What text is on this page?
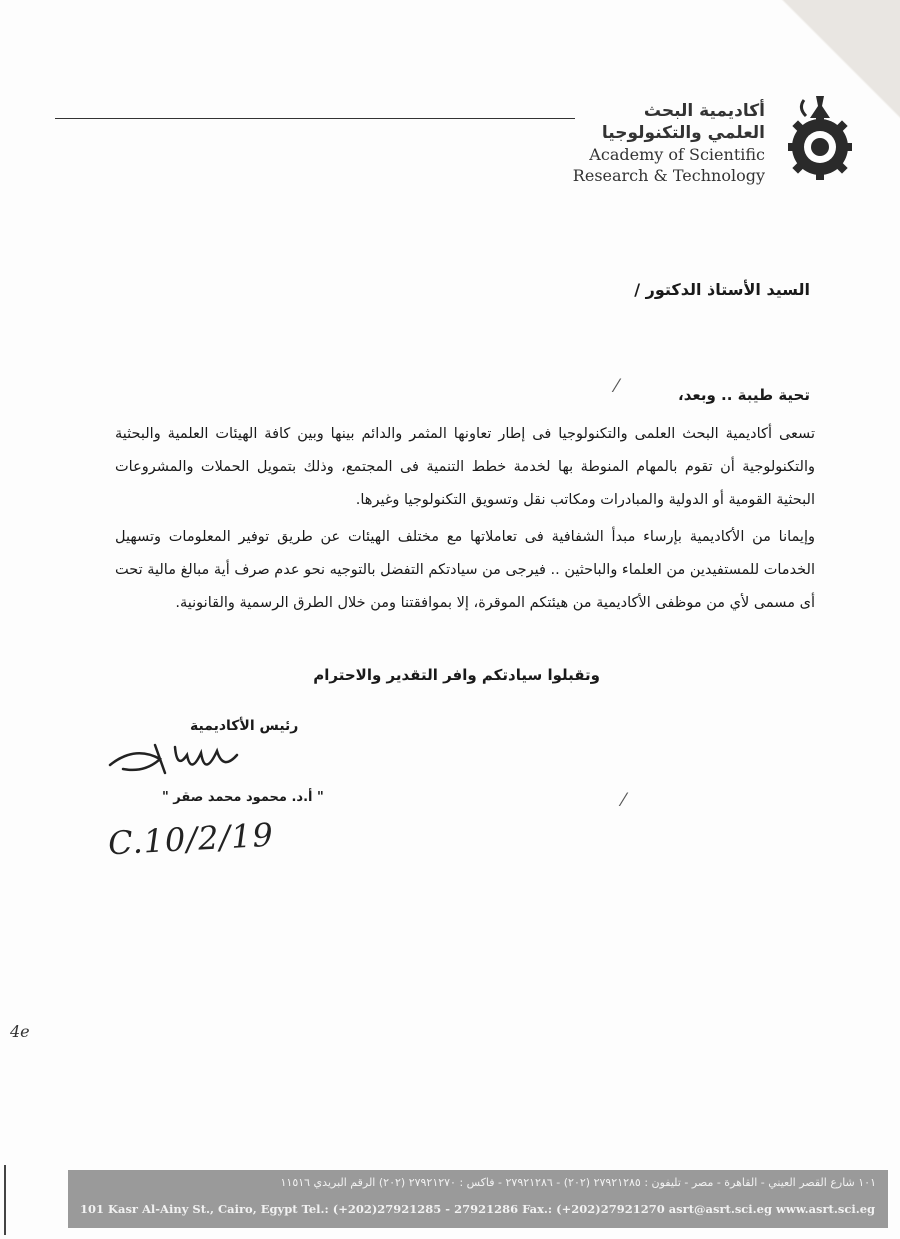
أكاديمية البحث
العلمي والتكنولوجيا
Academy of Scientific
Research & Technology
السيد الأستاذ الدكتور /
تحية طيبة .. وبعد،
تسعى أكاديمية البحث العلمى والتكنولوجيا فى إطار تعاونها المثمر والدائم بينها وبين كافة الهيئات العلمية والبحثية والتكنولوجية أن تقوم بالمهام المنوطة بها لخدمة خطط التنمية فى المجتمع، وذلك بتمويل الحملات والمشروعات البحثية القومية أو الدولية والمبادرات ومكاتب نقل وتسويق التكنولوجيا وغيرها.
وإيمانا من الأكاديمية بإرساء مبدأ الشفافية فى تعاملاتها مع مختلف الهيئات عن طريق توفير المعلومات وتسهيل الخدمات للمستفيدين من العلماء والباحثين .. فيرجى من سيادتكم التفضل بالتوجيه نحو عدم صرف أية مبالغ مالية تحت أى مسمى لأي من موظفى الأكاديمية من هيئتكم الموقرة، إلا بموافقتنا ومن خلال الطرق الرسمية والقانونية.
وتقبلوا سيادتكم وافر التقدير والاحترام
رئيس الأكاديمية
" أ.د. محمود محمد صقر "
C.10/2/19
4e
⁄
⁄
١٠١ شارع القصر العيني - القاهرة - مصر - تليفون : ٢٧٩٢١٢٨٥ (٢٠٢) - ٢٧٩٢١٢٨٦ - فاكس : ٢٧٩٢١٢٧٠ (٢٠٢) الرقم البريدي ١١٥١٦
101 Kasr Al-Ainy St., Cairo, Egypt Tel.: (+202)27921285 - 27921286 Fax.: (+202)27921270 asrt@asrt.sci.eg www.asrt.sci.eg
